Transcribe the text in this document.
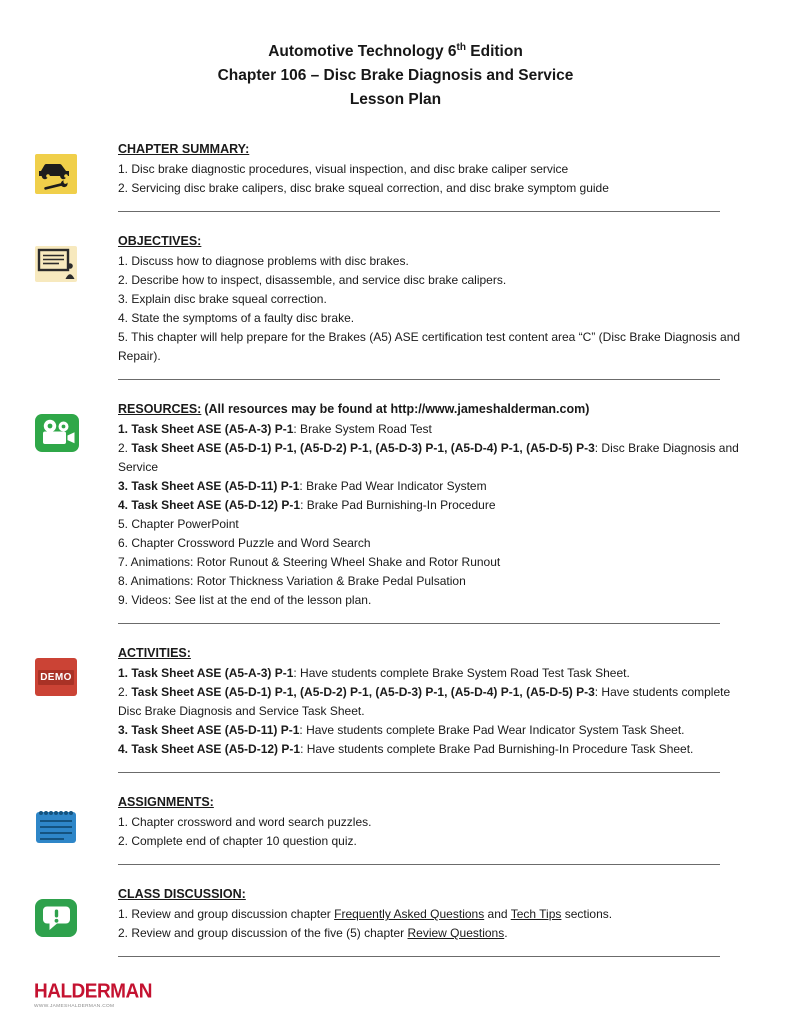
Automotive Technology 6th Edition
Chapter 106 – Disc Brake Diagnosis and Service
Lesson Plan
CHAPTER SUMMARY:
1. Disc brake diagnostic procedures, visual inspection, and disc brake caliper service
2. Servicing disc brake calipers, disc brake squeal correction, and disc brake symptom guide
OBJECTIVES:
1. Discuss how to diagnose problems with disc brakes.
2. Describe how to inspect, disassemble, and service disc brake calipers.
3. Explain disc brake squeal correction.
4. State the symptoms of a faulty disc brake.
5. This chapter will help prepare for the Brakes (A5) ASE certification test content area “C” (Disc Brake Diagnosis and Repair).
RESOURCES: (All resources may be found at http://www.jameshalderman.com)
1. Task Sheet ASE (A5-A-3) P-1: Brake System Road Test
2. Task Sheet ASE (A5-D-1) P-1, (A5-D-2) P-1, (A5-D-3) P-1, (A5-D-4) P-1, (A5-D-5) P-3: Disc Brake Diagnosis and Service
3. Task Sheet ASE (A5-D-11) P-1: Brake Pad Wear Indicator System
4. Task Sheet ASE (A5-D-12) P-1: Brake Pad Burnishing-In Procedure
5. Chapter PowerPoint
6. Chapter Crossword Puzzle and Word Search
7. Animations: Rotor Runout & Steering Wheel Shake and Rotor Runout
8. Animations: Rotor Thickness Variation & Brake Pedal Pulsation
9. Videos: See list at the end of the lesson plan.
DEMO
ACTIVITIES:
1. Task Sheet ASE (A5-A-3) P-1: Have students complete Brake System Road Test Task Sheet.
2. Task Sheet ASE (A5-D-1) P-1, (A5-D-2) P-1, (A5-D-3) P-1, (A5-D-4) P-1, (A5-D-5) P-3: Have students complete Disc Brake Diagnosis and Service Task Sheet.
3. Task Sheet ASE (A5-D-11) P-1: Have students complete Brake Pad Wear Indicator System Task Sheet.
4. Task Sheet ASE (A5-D-12) P-1: Have students complete Brake Pad Burnishing-In Procedure Task Sheet.
ASSIGNMENTS:
1. Chapter crossword and word search puzzles.
2. Complete end of chapter 10 question quiz.
CLASS DISCUSSION:
1. Review and group discussion chapter Frequently Asked Questions and Tech Tips sections.
2. Review and group discussion of the five (5) chapter Review Questions.
HALDERMAN
WWW.JAMESHALDERMAN.COM
